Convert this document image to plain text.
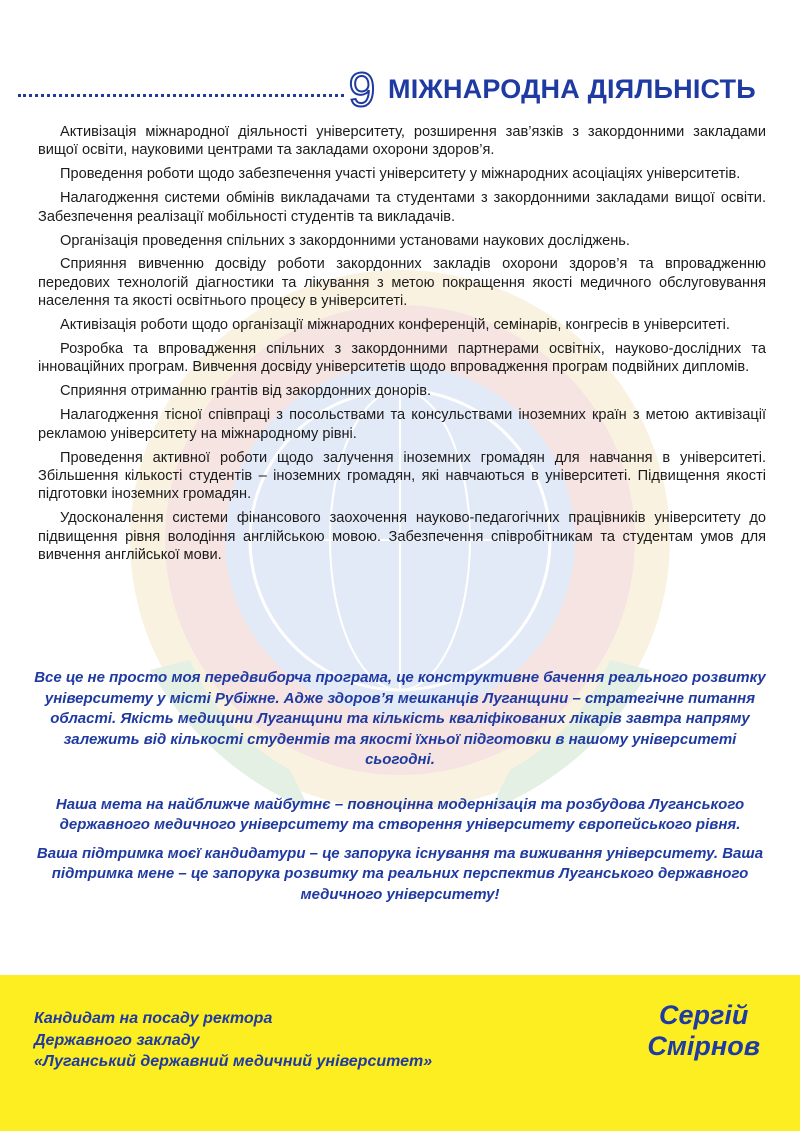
9 МІЖНАРОДНА ДІЯЛЬНІСТЬ

Активізація міжнародної діяльності університету, розширення зав’язків з закордонними закладами вищої освіти, науковими центрами та закладами охорони здоров’я.

Проведення роботи щодо забезпечення участі університету у міжнародних асоціаціях університетів.

Налагодження системи обмінів викладачами та студентами з закордонними закладами вищої освіти. Забезпечення реалізації мобільності студентів та викладачів.

Організація проведення спільних з закордонними установами наукових досліджень.

Сприяння вивченню досвіду роботи закордонних закладів охорони здоров’я та впровадженню передових технологій діагностики та лікування з метою покращення якості медичного обслуговування населення та якості освітнього процесу в університеті.

Активізація роботи щодо організації міжнародних конференцій, семінарів, конгресів в університеті.

Розробка та впровадження спільних з закордонними партнерами освітніх, науково-дослідних та інноваційних програм. Вивчення досвіду університетів щодо впровадження програм подвійних дипломів.

Сприяння отриманню грантів від закордонних донорів.

Налагодження тісної співпраці з посольствами та консульствами іноземних країн з метою активізації рекламою університету на міжнародному рівні.

Проведення активної роботи щодо залучення іноземних громадян для навчання в університеті. Збільшення кількості студентів – іноземних громадян, які навчаються в університеті. Підвищення якості підготовки іноземних громадян.

Удосконалення системи фінансового заохочення науково-педагогічних працівників університету до підвищення рівня володіння англійською мовою. Забезпечення співробітникам та студентам умов для вивчення англійської мови.

Все це не просто моя передвиборча програма, це конструктивне бачення реального розвитку університету у місті Рубіжне. Адже здоров’я мешканців Луганщини – стратегічне питання області. Якість медицини Луганщини та кількість кваліфікованих лікарів завтра напряму залежить від кількості студентів та якості їхньої підготовки в нашому університеті сьогодні.

Наша мета на найближче майбутнє – повноцінна модернізація та розбудова Луганського державного медичного університету та створення університету європейського рівня.

Ваша підтримка моєї кандидатури – це запорука існування та виживання університету. Ваша підтримка мене – це запорука розвитку та реальних перспектив Луганського державного медичного університету!

Кандидат на посаду ректора
Державного закладу
«Луганський державний медичний університет»
Сергій
Смірнов
